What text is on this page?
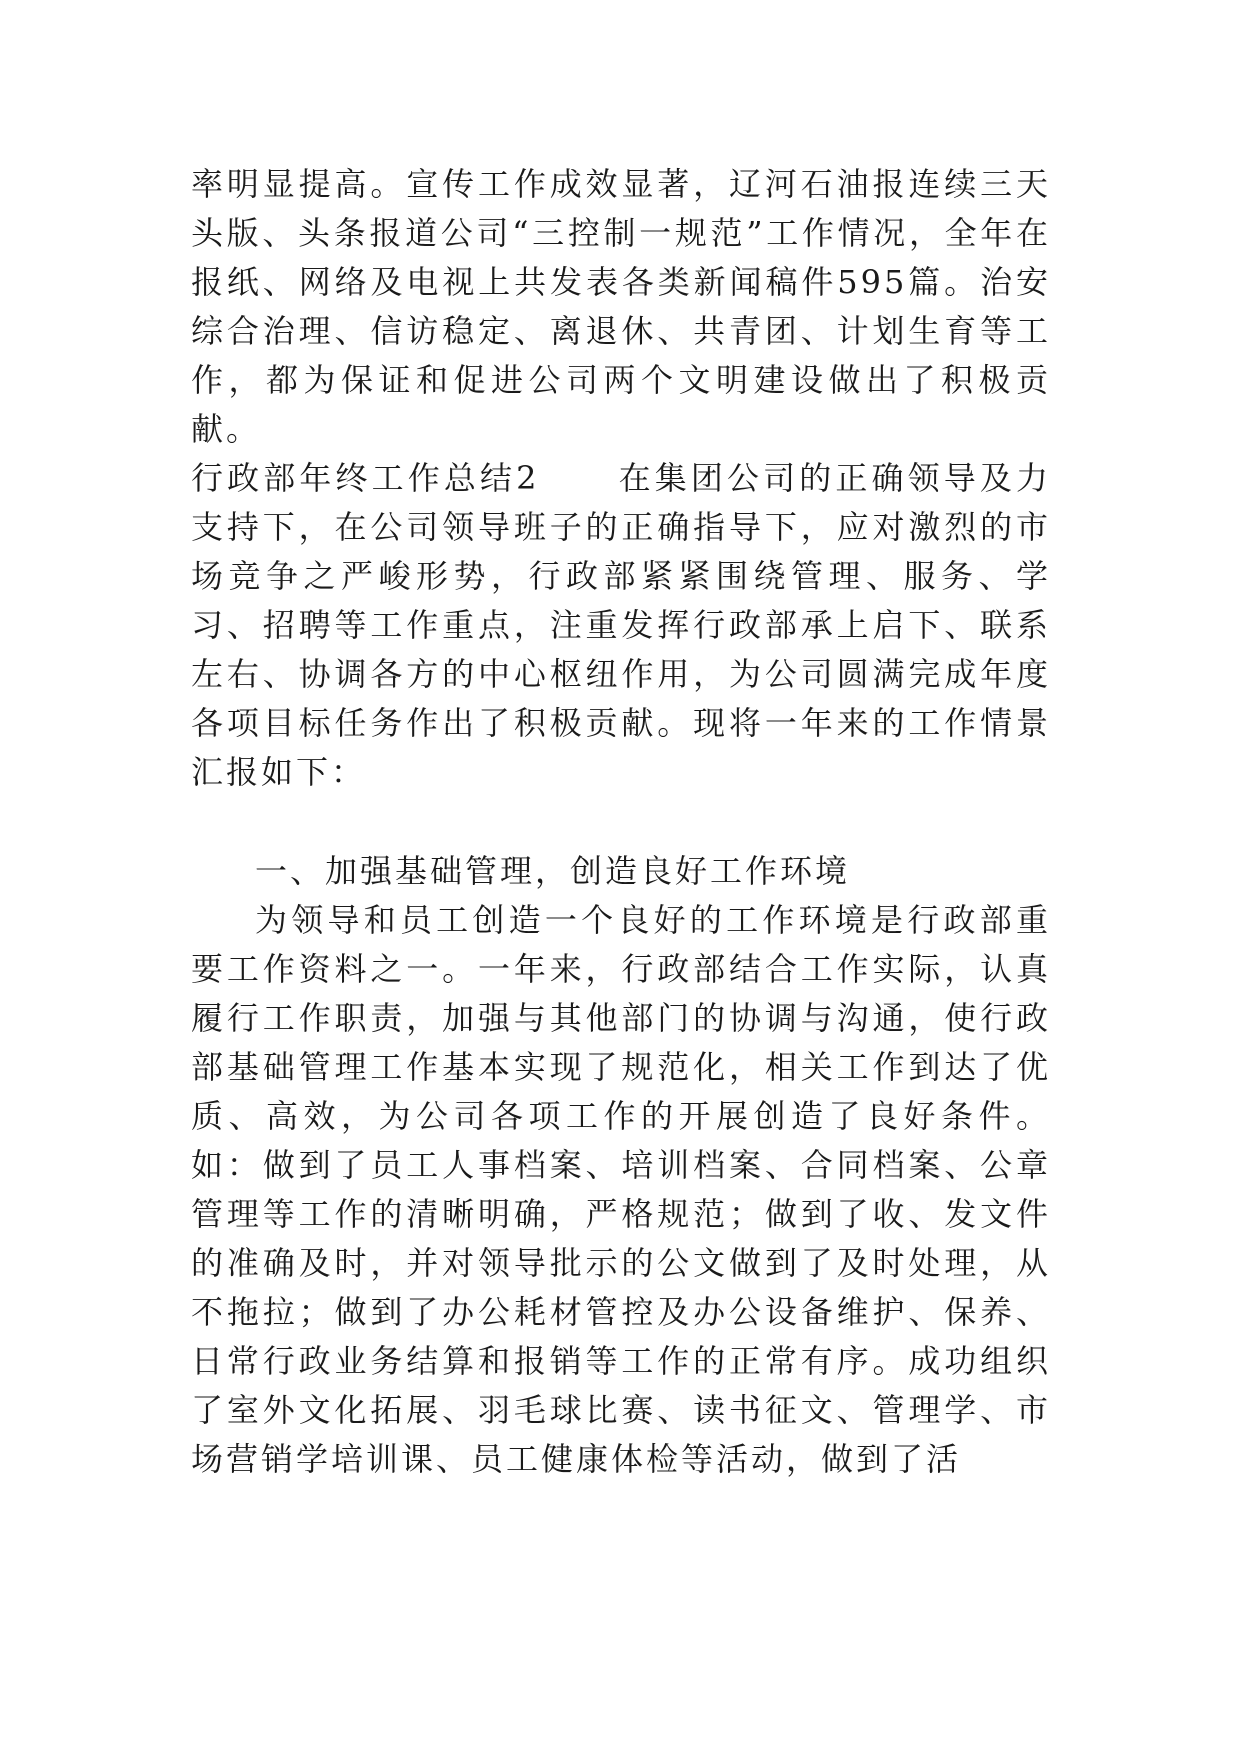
率明显提高。宣传工作成效显著，辽河石油报连续三天头版、头条报道公司“三控制一规范”工作情况，全年在报纸、网络及电视上共发表各类新闻稿件595篇。治安综合治理、信访稳定、离退休、共青团、计划生育等工作，都为保证和促进公司两个文明建设做出了积极贡献。

行政部年终工作总结2 在集团公司的正确领导及力支持下，在公司领导班子的正确指导下，应对激烈的市场竞争之严峻形势，行政部紧紧围绕管理、服务、学习、招聘等工作重点，注重发挥行政部承上启下、联系左右、协调各方的中心枢纽作用，为公司圆满完成年度各项目标任务作出了积极贡献。现将一年来的工作情景汇报如下：

一、加强基础管理，创造良好工作环境

为领导和员工创造一个良好的工作环境是行政部重要工作资料之一。一年来，行政部结合工作实际，认真履行工作职责，加强与其他部门的协调与沟通，使行政部基础管理工作基本实现了规范化，相关工作到达了优质、高效，为公司各项工作的开展创造了良好条件。如：做到了员工人事档案、培训档案、合同档案、公章管理等工作的清晰明确，严格规范；做到了收、发文件的准确及时，并对领导批示的公文做到了及时处理，从不拖拉；做到了办公耗材管控及办公设备维护、保养、日常行政业务结算和报销等工作的正常有序。成功组织了室外文化拓展、羽毛球比赛、读书征文、管理学、市场营销学培训课、员工健康体检等活动，做到了活
